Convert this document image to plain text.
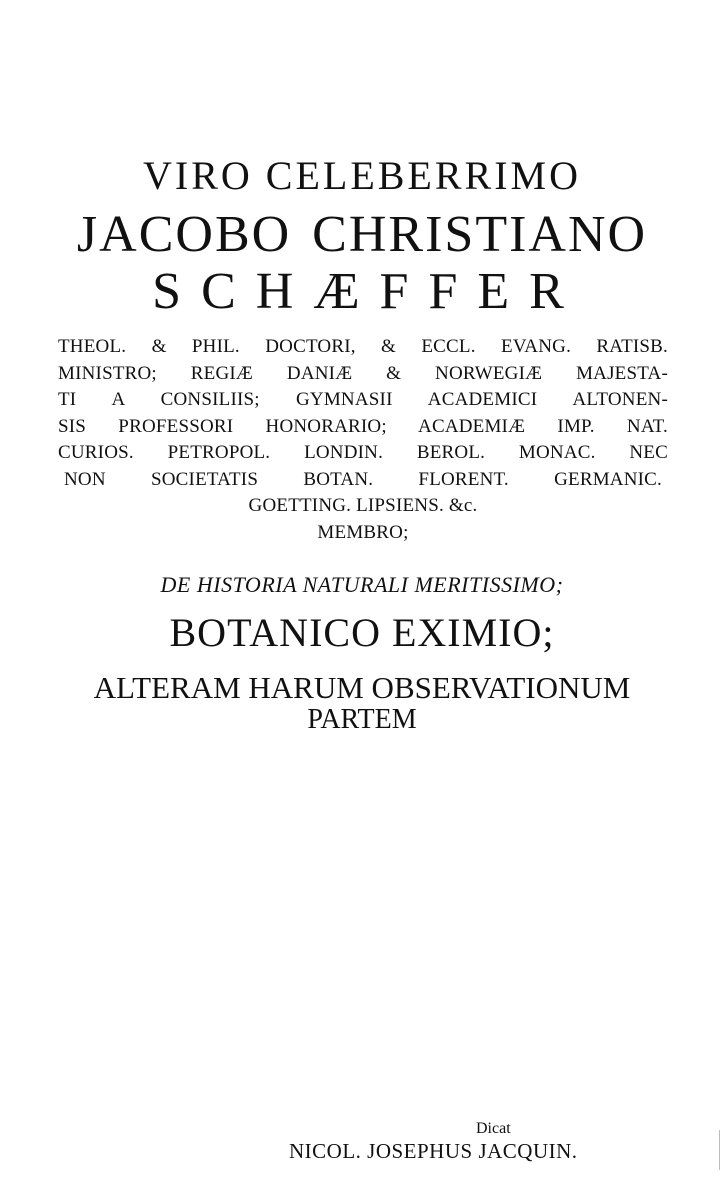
VIRO CELEBERRIMO
JACOBO CHRISTIANO
SCHÆFFER
THEOL. & PHIL. DOCTORI, & ECCL. EVANG. RATISB.
MINISTRO; REGIÆ DANIÆ & NORWEGIÆ MAJESTA-
TI A CONSILIIS; GYMNASII ACADEMICI ALTONEN-
SIS PROFESSORI HONORARIO; ACADEMIÆ IMP. NAT.
CURIOS. PETROPOL. LONDIN. BEROL. MONAC. NEC
NON SOCIETATIS BOTAN. FLORENT. GERMANIC.
GOETTING. LIPSIENS. &c.
MEMBRO;
DE HISTORIA NATURALI MERITISSIMO;
BOTANICO EXIMIO;
ALTERAM HARUM OBSERVATIONUM
PARTEM
Dicat
NICOL. JOSEPHUS JACQUIN.
